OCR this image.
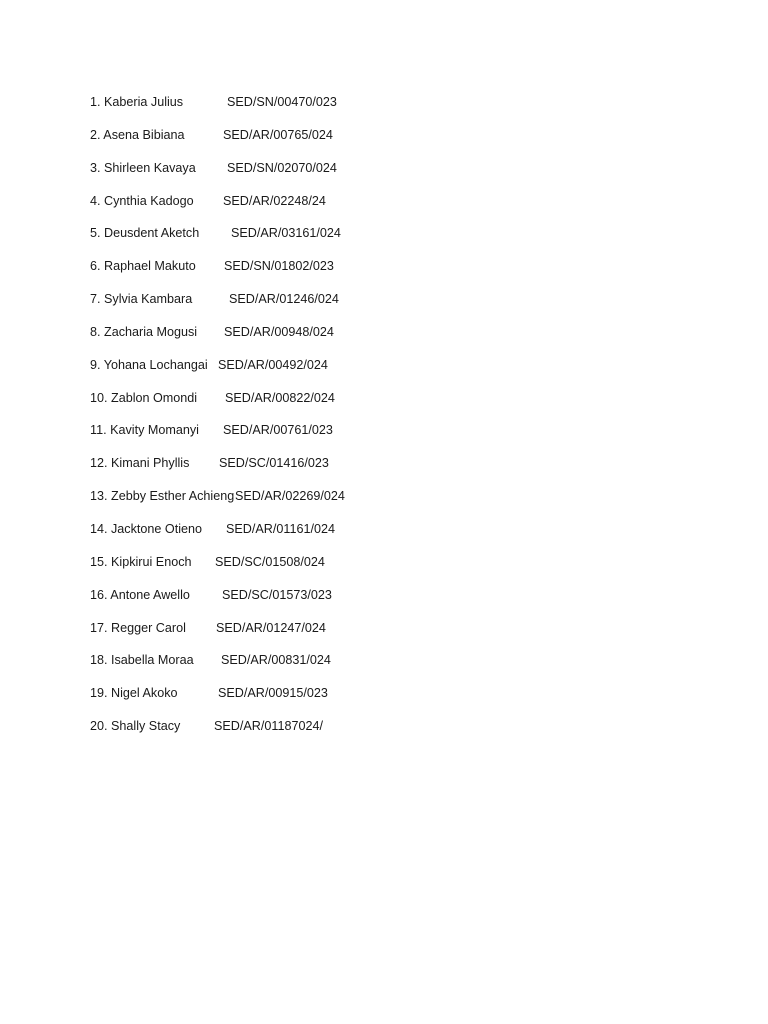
1. Kaberia Julius	SED/SN/00470/023
2. Asena Bibiana	SED/AR/00765/024
3. Shirleen Kavaya SED/SN/02070/024
4. Cynthia Kadogo SED/AR/02248/24
5. Deusdent Aketch	SED/AR/03161/024
6. Raphael Makuto SED/SN/01802/023
7. Sylvia Kambara	SED/AR/01246/024
8. Zacharia Mogusi SED/AR/00948/024
9. Yohana Lochangai SED/AR/00492/024
10. Zablon Omondi SED/AR/00822/024
11. Kavity Momanyi SED/AR/00761/023
12. Kimani Phyllis SED/SC/01416/023
13. Zebby Esther Achieng SED/AR/02269/024
14. Jacktone Otieno SED/AR/01161/024
15. Kipkirui Enoch SED/SC/01508/024
16. Antone Awello	SED/SC/01573/023
17. Regger Carol SED/AR/01247/024
18. Isabella Moraa SED/AR/00831/024
19. Nigel Akoko	SED/AR/00915/023
20. Shally Stacy	SED/AR/01187024/
